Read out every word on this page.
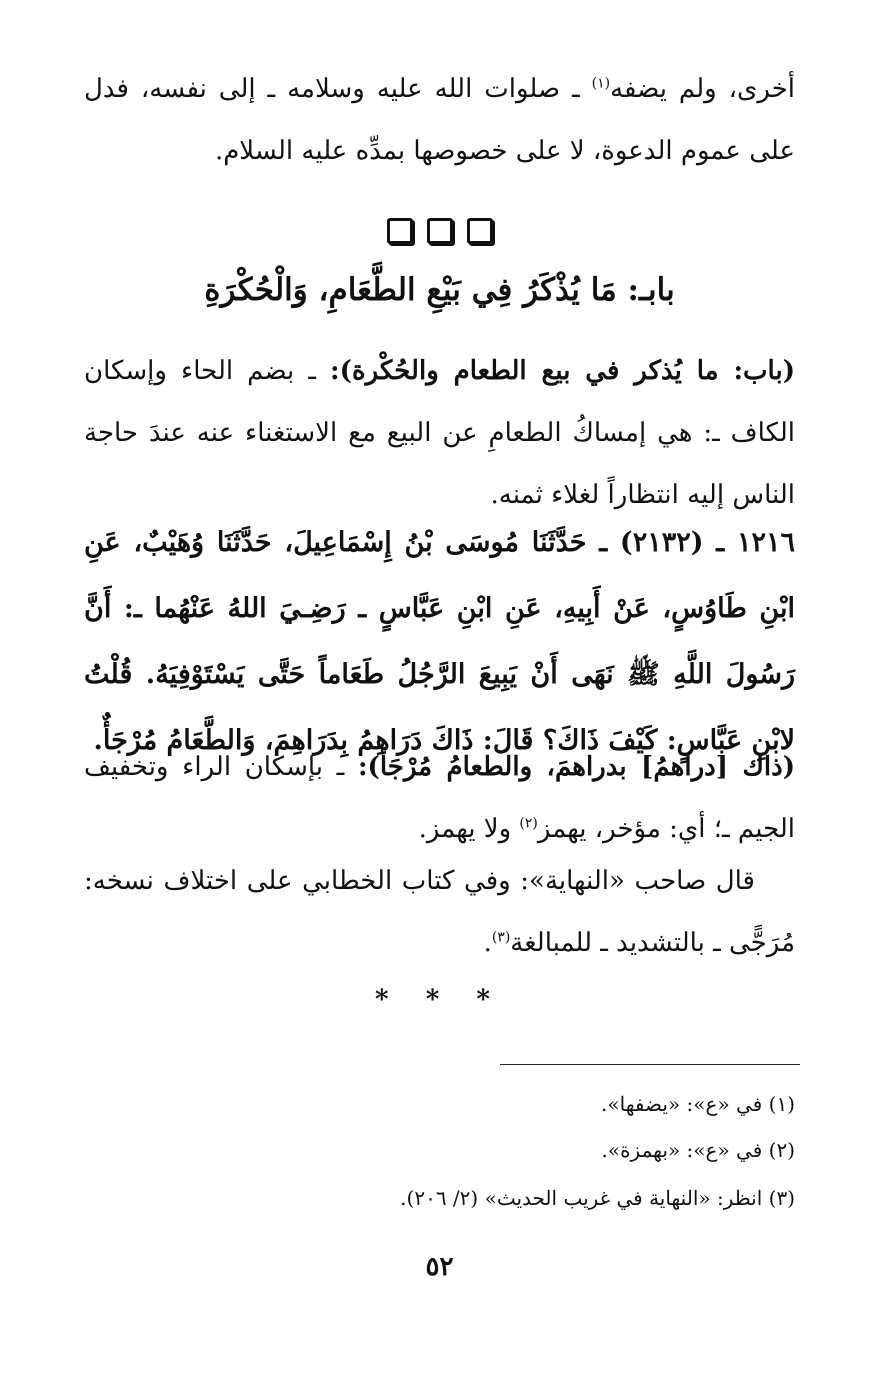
أخرى، ولم يضفه$^{(١)}$ ـ صلوات الله عليه وسلامه ـ إلى نفسه، فدل على عموم الدعوة، لا على خصوصها بمدِّه عليه السلام.

بابـ: مَا يُذْكَرُ فِي بَيْعِ الطَّعَامِ، وَالْحُكْرَةِ

(باب: ما يُذكر في بيع الطعام والحُكْرة): ـ بضم الحاء وإسكان الكاف ـ: هي إمساكُ الطعامِ عن البيع مع الاستغناء عنه عندَ حاجة الناس إليه انتظاراً لغلاء ثمنه.

١٢١٦ ـ (٢١٣٢) ـ حَدَّثَنَا مُوسَى بْنُ إِسْمَاعِيلَ، حَدَّثَنَا وُهَيْبٌ، عَنِ ابْنِ طَاوُسٍ، عَنْ أَبِيهِ، عَنِ ابْنِ عَبَّاسٍ ـ رَضِـيَ اللهُ عَنْهُما ـ: أَنَّ رَسُولَ اللَّهِ ﷺ نَهَى أَنْ يَبِيعَ الرَّجُلُ طَعَاماً حَتَّى يَسْتَوْفِيَهُ. قُلْتُ لابْنِ عَبَّاسٍ: كَيْفَ ذَاكَ؟ قَالَ: ذَاكَ دَرَاهِمُ بِدَرَاهِمَ، وَالطَّعَامُ مُرْجَأٌ.

(ذاك [دراهمُ] بدراهمَ، والطعامُ مُرْجَأ): ـ بإسكان الراء وتخفيف الجيم ـ؛ أي: مؤخر، يهمز$^{(٢)}$ ولا يهمز.

قال صاحب «النهاية»: وفي كتاب الخطابي على اختلاف نسخه: مُرَجًّى ـ بالتشديد ـ للمبالغة$^{(٣)}$.

* * *

(١) في «ع»: «يضفها».

(٢) في «ع»: «بهمزة».

(٣) انظر: «النهاية في غريب الحديث» (٢/ ٢٠٦).

٥٢
